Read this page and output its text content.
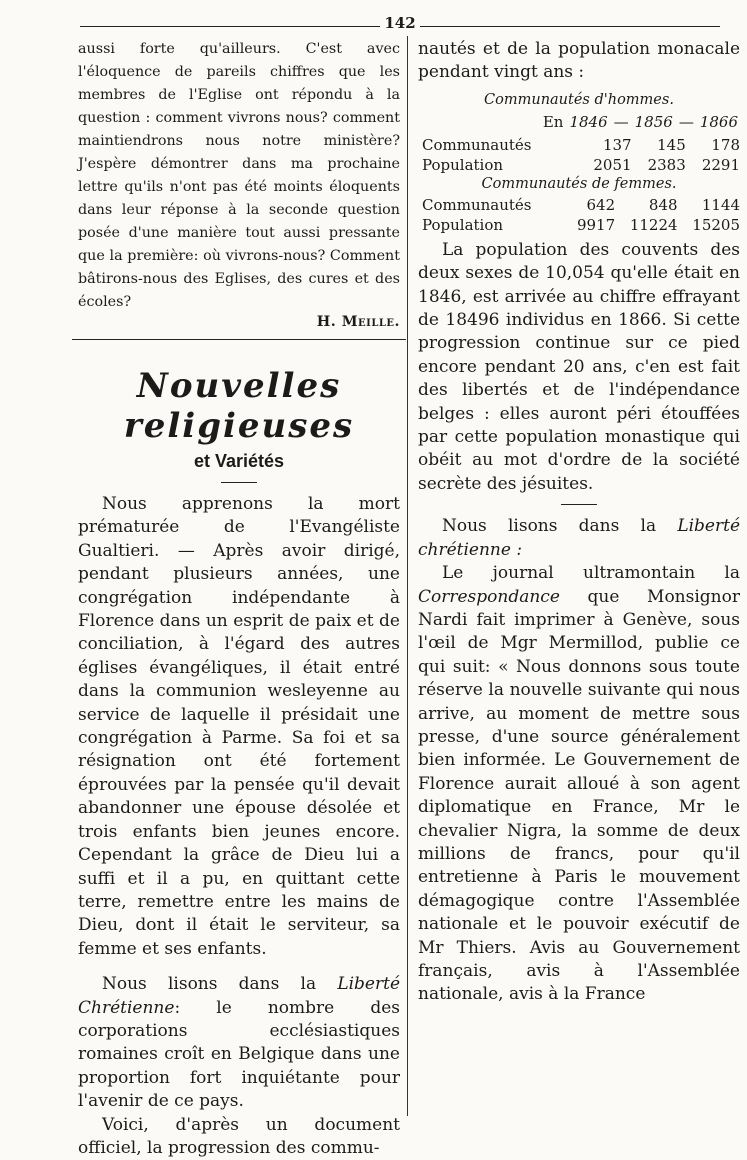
142

aussi forte qu'ailleurs. C'est avec l'éloquence de pareils chiffres que les membres de l'Eglise ont répondu à la question : comment vivrons nous? comment maintiendrons nous notre ministère? J'espère démontrer dans ma prochaine lettre qu'ils n'ont pas été moints éloquents dans leur réponse à la seconde question posée d'une manière tout aussi pressante que la première: où vivrons-nous? Comment bâtirons-nous des Eglises, des cures et des écoles?

H. Meille.
Nouvelles religieuses
et Variétés

Nous apprenons la mort prématurée de l'Evangéliste Gualtieri. — Après avoir dirigé, pendant plusieurs années, une congrégation indépendante à Florence dans un esprit de paix et de conciliation, à l'égard des autres églises évangéliques, il était entré dans la communion wesleyenne au service de laquelle il présidait une congrégation à Parme. Sa foi et sa résignation ont été fortement éprouvées par la pensée qu'il devait abandonner une épouse désolée et trois enfants bien jeunes encore. Cependant la grâce de Dieu lui a suffi et il a pu, en quittant cette terre, remettre entre les mains de Dieu, dont il était le serviteur, sa femme et ses enfants.

Nous lisons dans la Liberté Chrétienne: le nombre des corporations ecclésiastiques romaines croît en Belgique dans une proportion fort inquiétante pour l'avenir de ce pays.

Voici, d'après un document officiel, la progression des commu-

nautés et de la population monacale pendant vingt ans :

Communautés d'hommes.
En 1846 — 1856 — 1866
Communautés	137	145	178
Population	2051	2383	2291
Communautés de femmes.
Communautés	642	848	1144
Population	9917	11224	15205

La population des couvents des deux sexes de 10,054 qu'elle était en 1846, est arrivée au chiffre effrayant de 18496 individus en 1866. Si cette progression continue sur ce pied encore pendant 20 ans, c'en est fait des libertés et de l'indépendance belges : elles auront péri étouffées par cette population monastique qui obéit au mot d'ordre de la société secrète des jésuites.

Nous lisons dans la Liberté chrétienne :

Le journal ultramontain la Correspondance que Monsignor Nardi fait imprimer à Genève, sous l'œil de Mgr Mermillod, publie ce qui suit: « Nous donnons sous toute réserve la nouvelle suivante qui nous arrive, au moment de mettre sous presse, d'une source généralement bien informée. Le Gouvernement de Florence aurait alloué à son agent diplomatique en France, Mr le chevalier Nigra, la somme de deux millions de francs, pour qu'il entretienne à Paris le mouvement démagogique contre l'Assemblée nationale et le pouvoir exécutif de Mr Thiers. Avis au Gouvernement français, avis à l'Assemblée nationale, avis à la France
